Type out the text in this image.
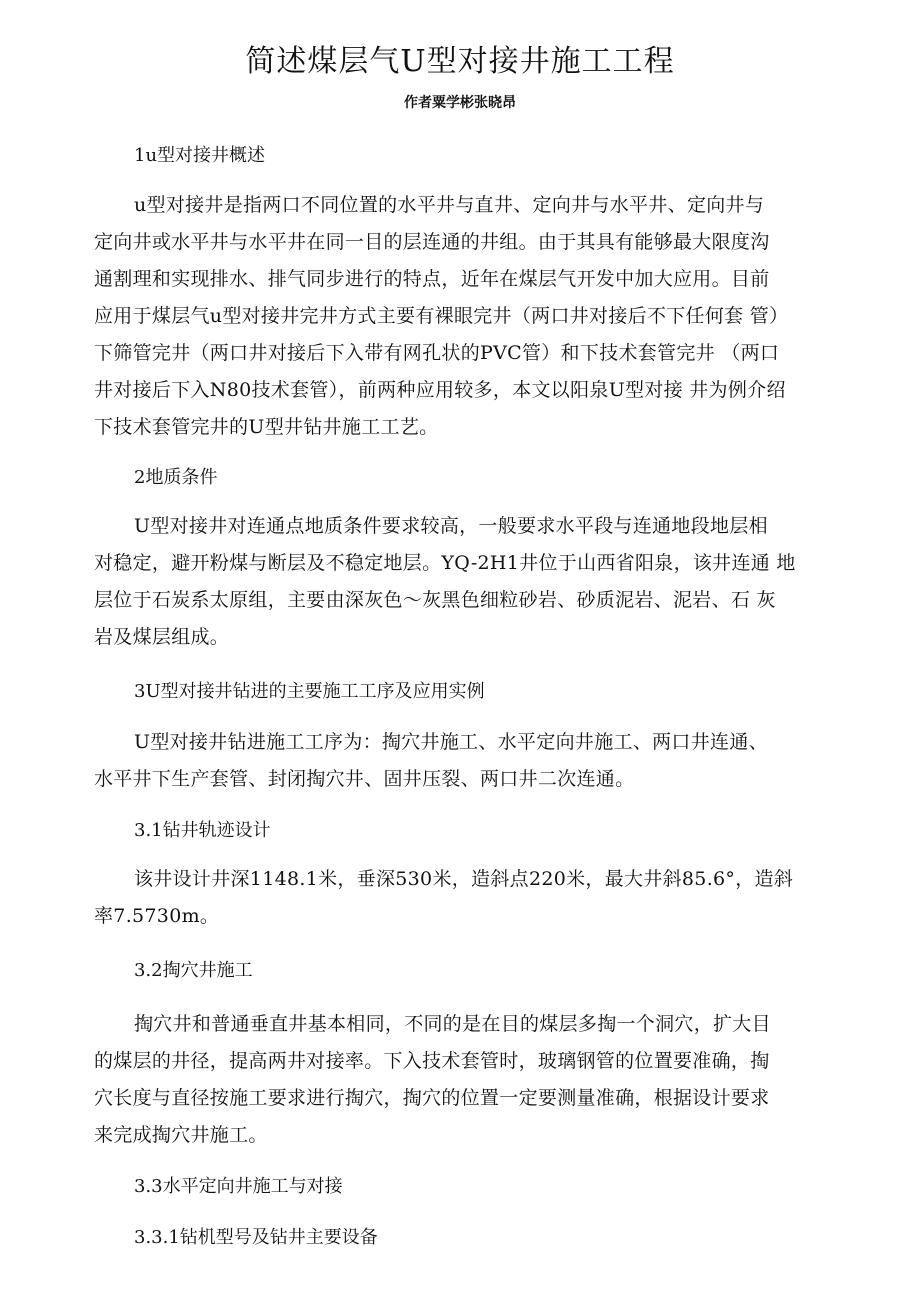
简述煤层气U型对接井施工工程
作者粟学彬张晓昂
1u型对接井概述
u型对接井是指两口不同位置的水平井与直井、定向井与水平井、定向井与
定向井或水平井与水平井在同一目的层连通的井组。由于其具有能够最大限度沟
通割理和实现排水、排气同步进行的特点，近年在煤层气开发中加大应用。目前
应用于煤层气u型对接井完井方式主要有裸眼完井（两口井对接后不下任何套 管）
下筛管完井（两口井对接后下入带有网孔状的PVC管）和下技术套管完井 （两口
井对接后下入N80技术套管），前两种应用较多，本文以阳泉U型对接 井为例介绍
下技术套管完井的U型井钻井施工工艺。
2地质条件
U型对接井对连通点地质条件要求较高，一般要求水平段与连通地段地层相
对稳定，避开粉煤与断层及不稳定地层。YQ-2H1井位于山西省阳泉，该井连通 地
层位于石炭系太原组，主要由深灰色〜灰黑色细粒砂岩、砂质泥岩、泥岩、石 灰
岩及煤层组成。
3U型对接井钻进的主要施工工序及应用实例
U型对接井钻进施工工序为：掏穴井施工、水平定向井施工、两口井连通、
水平井下生产套管、封闭掏穴井、固井压裂、两口井二次连通。
3.1钻井轨迹设计
该井设计井深1148.1米，垂深530米，造斜点220米，最大井斜85.6°，造斜
率7.5730m。
3.2掏穴井施工
掏穴井和普通垂直井基本相同，不同的是在目的煤层多掏一个洞穴，扩大目
的煤层的井径，提高两井对接率。下入技术套管时，玻璃钢管的位置要准确，掏
穴长度与直径按施工要求进行掏穴，掏穴的位置一定要测量准确，根据设计要求
来完成掏穴井施工。
3.3水平定向井施工与对接
3.3.1钻机型号及钻井主要设备
